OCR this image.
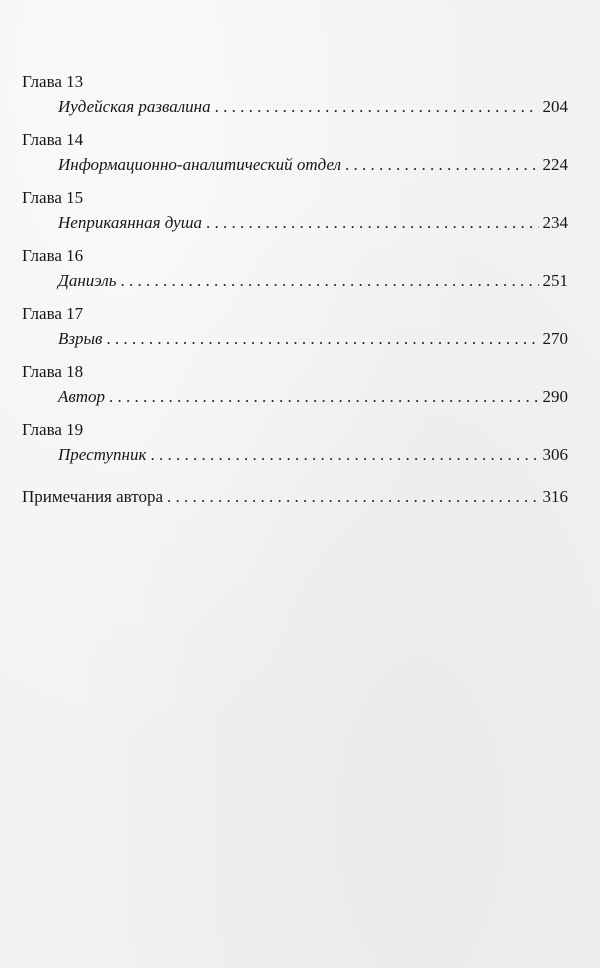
Глава 13
Иудейская развалина . . .	204
Глава 14
Информационно-аналитический отдел . . .	224
Глава 15
Неприкаянная душа . . .	234
Глава 16
Даниэль . . .	251
Глава 17
Взрыв . . .	270
Глава 18
Автор . . .	290
Глава 19
Преступник . . .	306
Примечания автора . . .	316
